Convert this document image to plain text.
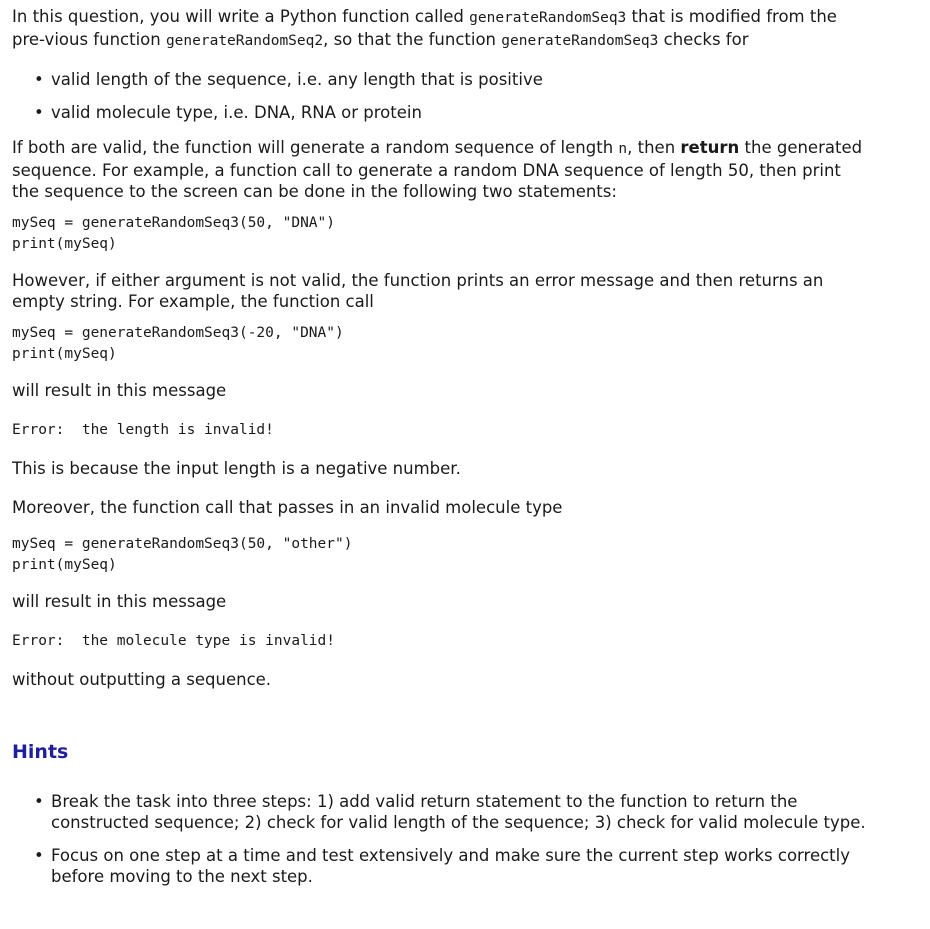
In this question, you will write a Python function called generateRandomSeq3 that is modified from the pre-vious function generateRandomSeq2, so that the function generateRandomSeq3 checks for

• valid length of the sequence, i.e. any length that is positive
• valid molecule type, i.e. DNA, RNA or protein

If both are valid, the function will generate a random sequence of length n, then return the generated sequence. For example, a function call to generate a random DNA sequence of length 50, then print the sequence to the screen can be done in the following two statements:

mySeq = generateRandomSeq3(50, "DNA")
print(mySeq)

However, if either argument is not valid, the function prints an error message and then returns an empty string. For example, the function call

mySeq = generateRandomSeq3(-20, "DNA")
print(mySeq)

will result in this message

Error:  the length is invalid!

This is because the input length is a negative number.

Moreover, the function call that passes in an invalid molecule type

mySeq = generateRandomSeq3(50, "other")
print(mySeq)

will result in this message

Error:  the molecule type is invalid!

without outputting a sequence.

Hints
• Break the task into three steps: 1) add valid return statement to the function to return the constructed sequence; 2) check for valid length of the sequence; 3) check for valid molecule type.
• Focus on one step at a time and test extensively and make sure the current step works correctly before moving to the next step.
